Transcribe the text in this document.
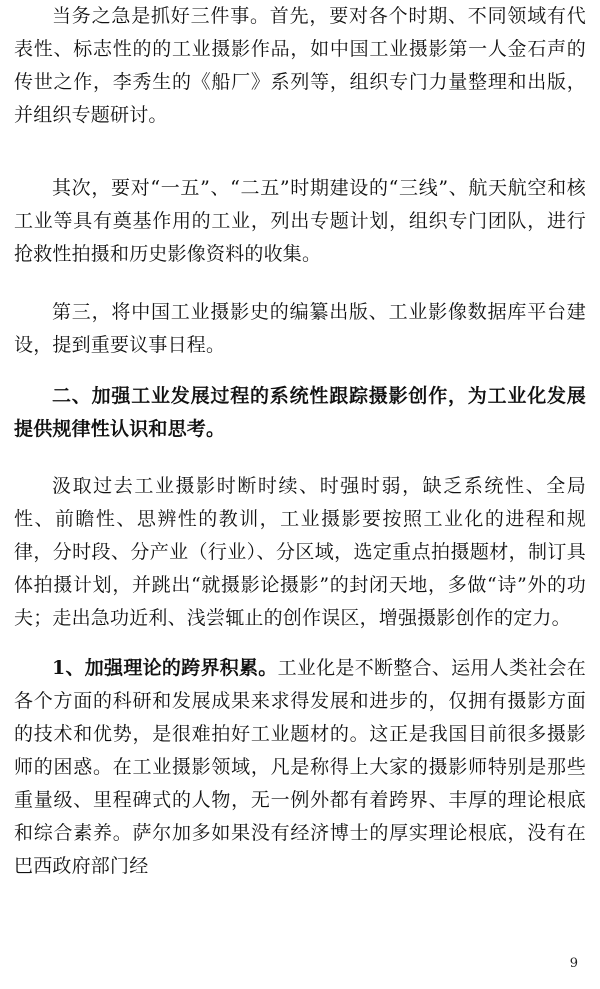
当务之急是抓好三件事。首先，要对各个时期、不同领域有代表性、标志性的的工业摄影作品，如中国工业摄影第一人金石声的传世之作，李秀生的《船厂》系列等，组织专门力量整理和出版，并组织专题研讨。

其次，要对“一五”、“二五”时期建设的“三线”、航天航空和核工业等具有奠基作用的工业，列出专题计划，组织专门团队，进行抢救性拍摄和历史影像资料的收集。

第三，将中国工业摄影史的编纂出版、工业影像数据库平台建设，提到重要议事日程。

二、加强工业发展过程的系统性跟踪摄影创作，为工业化发展提供规律性认识和思考。

汲取过去工业摄影时断时续、时强时弱，缺乏系统性、全局性、前瞻性、思辨性的教训，工业摄影要按照工业化的进程和规律，分时段、分产业（行业）、分区域，选定重点拍摄题材，制订具体拍摄计划，并跳出“就摄影论摄影”的封闭天地，多做“诗”外的功夫；走出急功近利、浅尝辄止的创作误区，增强摄影创作的定力。

1、加强理论的跨界积累。工业化是不断整合、运用人类社会在各个方面的科研和发展成果来求得发展和进步的，仅拥有摄影方面的技术和优势，是很难拍好工业题材的。这正是我国目前很多摄影师的困惑。在工业摄影领域，凡是称得上大家的摄影师特别是那些重量级、里程碑式的人物，无一例外都有着跨界、丰厚的理论根底和综合素养。萨尔加多如果没有经济博士的厚实理论根底，没有在巴西政府部门经

9
